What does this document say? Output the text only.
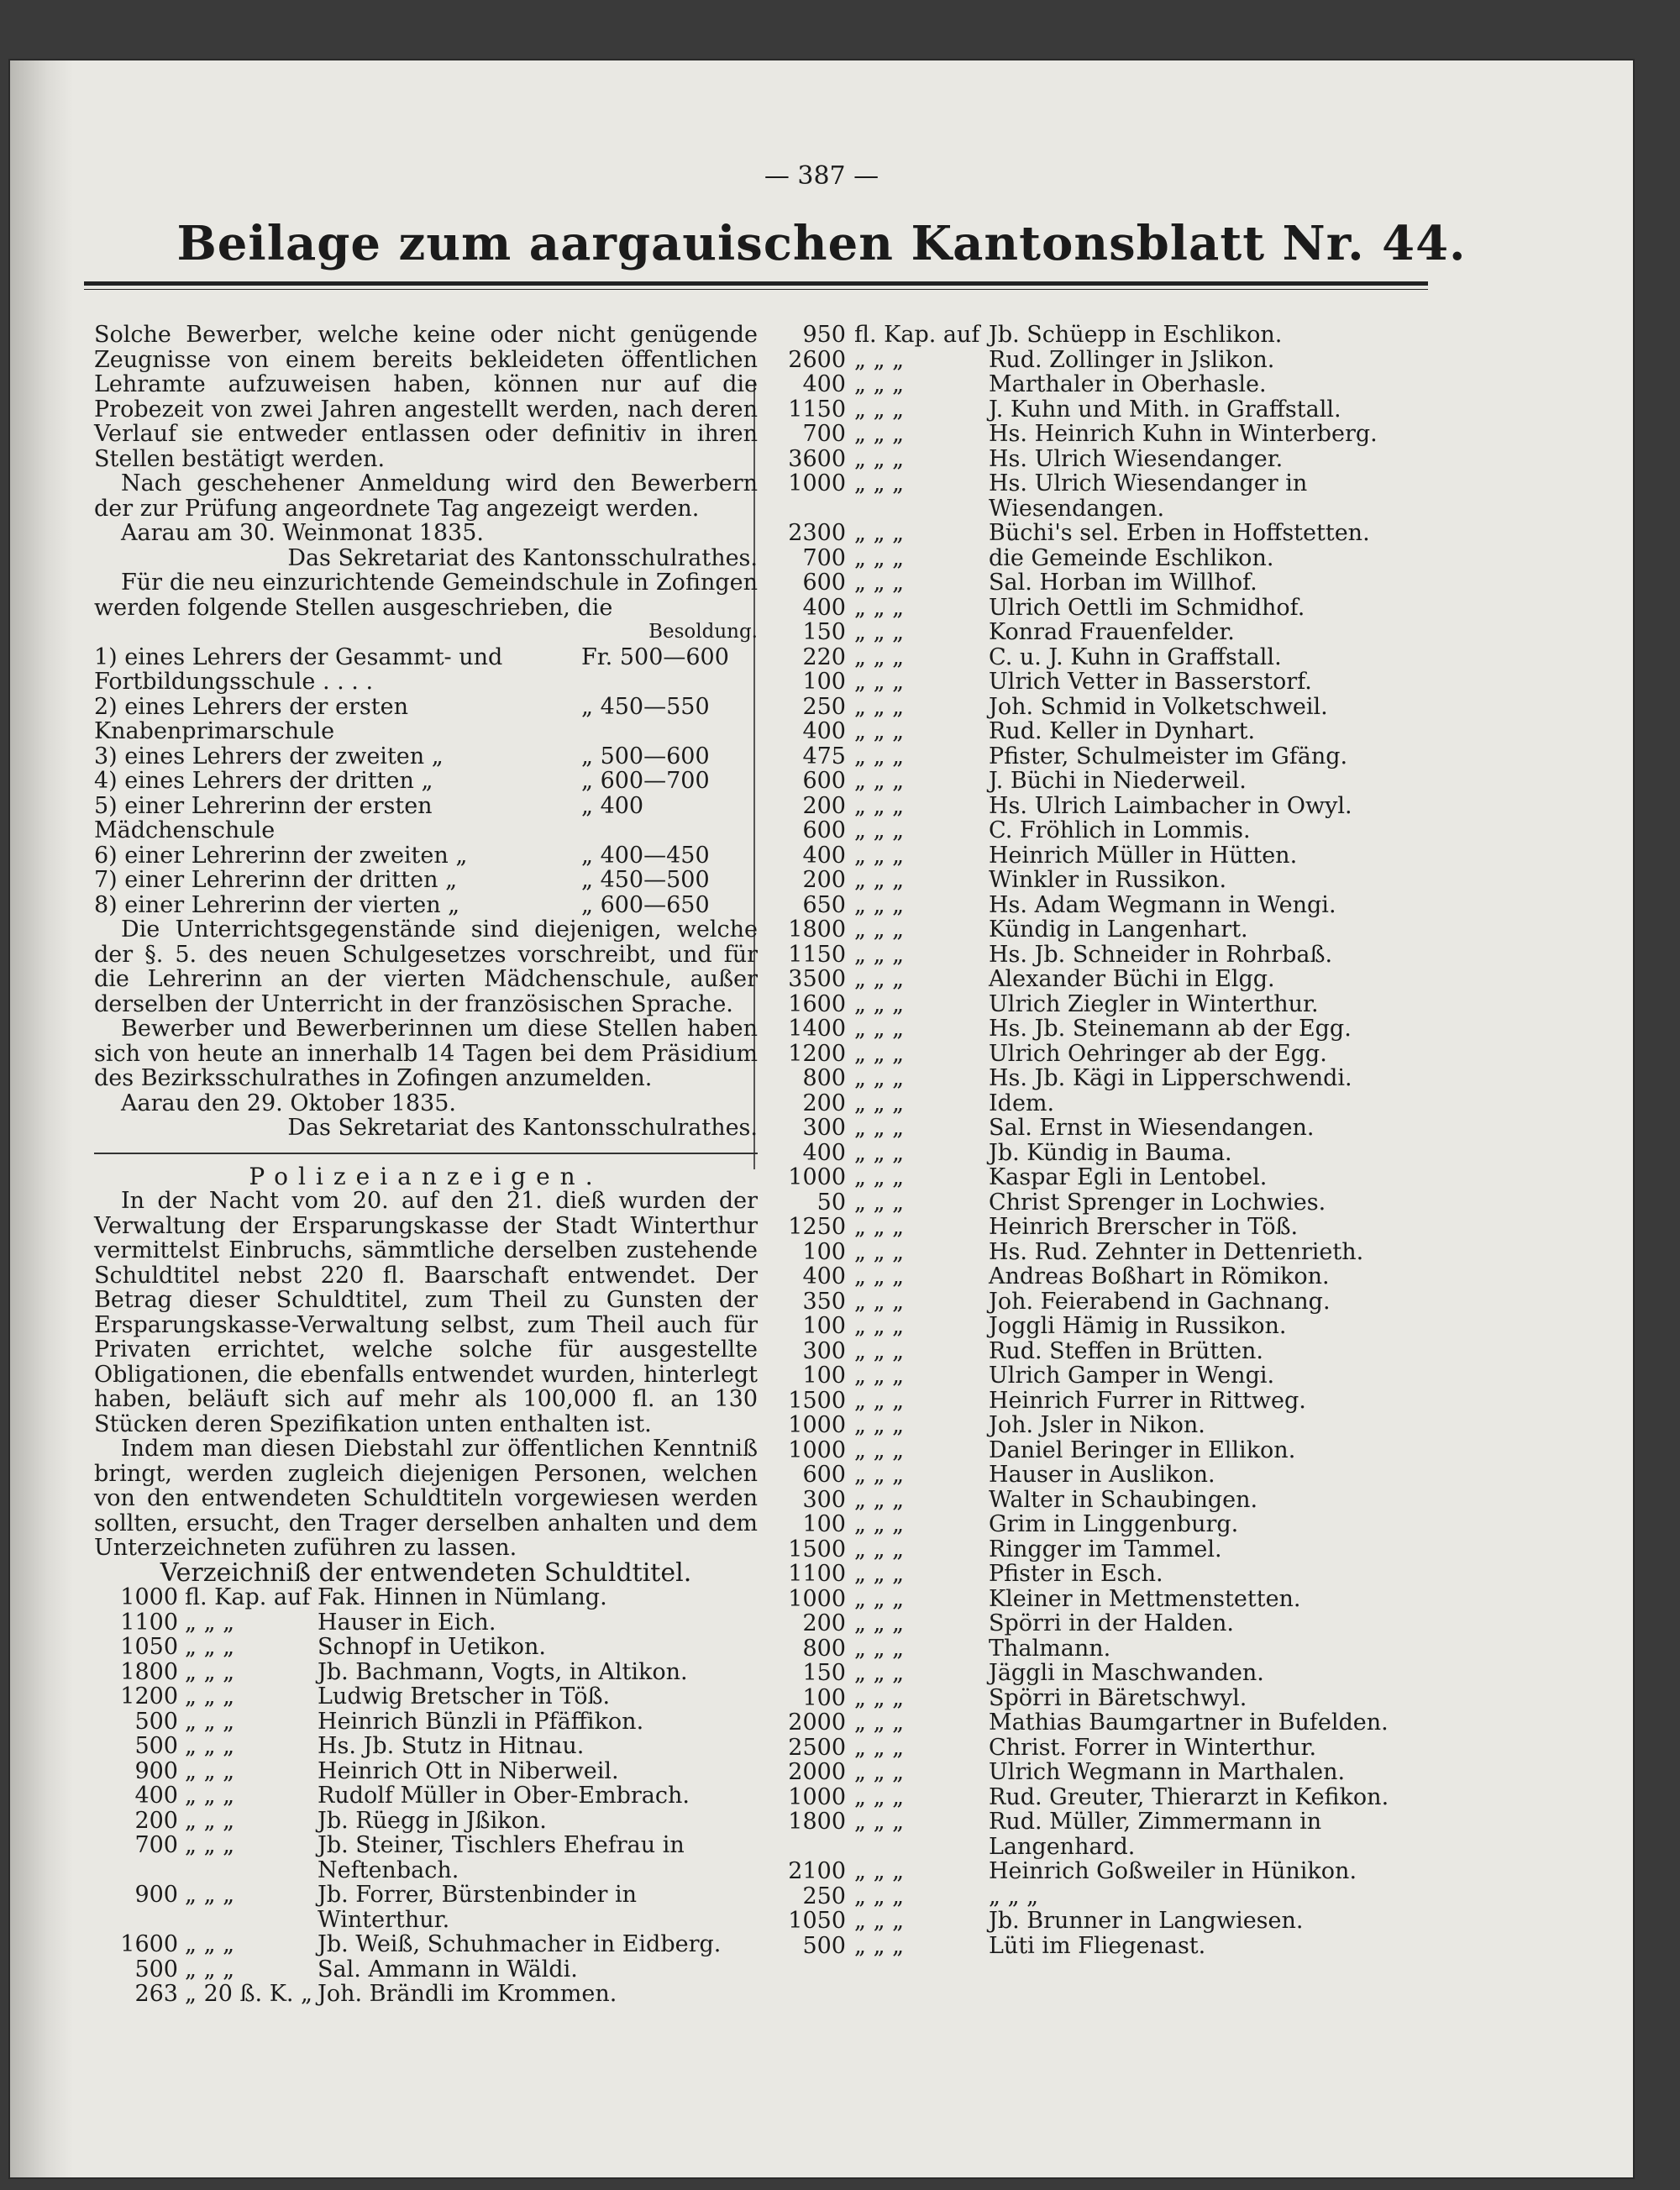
— 387 —
Beilage zum aargauischen Kantonsblatt Nr. 44.

Solche Bewerber, welche keine oder nicht genügende Zeugnisse von einem bereits bekleideten öffentlichen Lehramte aufzuweisen haben, können nur auf die Probezeit von zwei Jahren angestellt werden, nach deren Verlauf sie entweder entlassen oder definitiv in ihren Stellen bestätigt werden.

Nach geschehener Anmeldung wird den Bewerbern der zur Prüfung angeordnete Tag angezeigt werden.

Aarau am 30. Weinmonat 1835.

Das Sekretariat des Kantonsschulrathes.

Für die neu einzurichtende Gemeindschule in Zofingen werden folgende Stellen ausgeschrieben, die

Besoldung.

1) eines Lehrers der Gesammt- und Fortbildungsschule . . . .
Fr. 500—600
2) eines Lehrers der ersten Knabenprimarschule
„ 450—550
3) eines Lehrers der zweiten „	„ 500—600
4) eines Lehrers der dritten „	„ 600—700
5) einer Lehrerinn der ersten Mädchenschule
„ 400
6) einer Lehrerinn der zweiten „	„ 400—450
7) einer Lehrerinn der dritten „	„ 450—500
8) einer Lehrerinn der vierten „	„ 600—650

Die Unterrichtsgegenstände sind diejenigen, welche der §. 5. des neuen Schulgesetzes vorschreibt, und für die Lehrerinn an der vierten Mädchenschule, außer derselben der Unterricht in der französischen Sprache.

Bewerber und Bewerberinnen um diese Stellen haben sich von heute an innerhalb 14 Tagen bei dem Präsidium des Bezirksschulrathes in Zofingen anzumelden.

Aarau den 29. Oktober 1835.

Das Sekretariat des Kantonsschulrathes.

Polizeianzeigen.

In der Nacht vom 20. auf den 21. dieß wurden der Verwaltung der Ersparungskasse der Stadt Winterthur vermittelst Einbruchs, sämmtliche derselben zustehende Schuldtitel nebst 220 fl. Baarschaft entwendet. Der Betrag dieser Schuldtitel, zum Theil zu Gunsten der Ersparungskasse-Verwaltung selbst, zum Theil auch für Privaten errichtet, welche solche für ausgestellte Obligationen, die ebenfalls entwendet wurden, hinterlegt haben, beläuft sich auf mehr als 100,000 fl. an 130 Stücken deren Spezifikation unten enthalten ist.

Indem man diesen Diebstahl zur öffentlichen Kenntniß bringt, werden zugleich diejenigen Personen, welchen von den entwendeten Schuldtiteln vorgewiesen werden sollten, ersucht, den Trager derselben anhalten und dem Unterzeichneten zuführen zu lassen.

Verzeichniß der entwendeten Schuldtitel.

1000 fl. Kap. auf Fak. Hinnen in Nümlang.
1100 „ „ „	Hauser in Eich.
1050 „ „ „	Schnopf in Uetikon.
1800 „ „ „	Jb. Bachmann, Vogts, in Altikon.
1200 „ „ „	Ludwig Bretscher in Töß.
500 „ „ „	Heinrich Bünzli in Pfäffikon.
500 „ „ „	Hs. Jb. Stutz in Hitnau.
900 „ „ „	Heinrich Ott in Niberweil.
400 „ „ „	Rudolf Müller in Ober-Embrach.
200 „ „ „	Jb. Rüegg in Jßikon.
700 „ „ „	Jb. Steiner, Tischlers Ehefrau in Neftenbach.
900 „ „ „	Jb. Forrer, Bürstenbinder in Winterthur.
1600 „ „ „	Jb. Weiß, Schuhmacher in Eidberg.
500 „ „ „	Sal. Ammann in Wäldi.
263 „ 20 ß. K. „ Joh. Brändli im Krommen.
950 fl. Kap. auf Jb. Schüepp in Eschlikon.
2600 „ „ „	Rud. Zollinger in Jslikon.
400 „ „ „	Marthaler in Oberhasle.
1150 „ „ „	J. Kuhn und Mith. in Graffstall.
700 „ „ „	Hs. Heinrich Kuhn in Winterberg.
3600 „ „ „	Hs. Ulrich Wiesendanger.
1000 „ „ „	Hs. Ulrich Wiesendanger in Wiesendangen.
2300 „ „ „	Büchi's sel. Erben in Hoffstetten.
700 „ „ „	die Gemeinde Eschlikon.
600 „ „ „	Sal. Horban im Willhof.
400 „ „ „	Ulrich Oettli im Schmidhof.
150 „ „ „	Konrad Frauenfelder.
220 „ „ „	C. u. J. Kuhn in Graffstall.
100 „ „ „	Ulrich Vetter in Basserstorf.
250 „ „ „	Joh. Schmid in Volketschweil.
400 „ „ „	Rud. Keller in Dynhart.
475 „ „ „	Pfister, Schulmeister im Gfäng.
600 „ „ „	J. Büchi in Niederweil.
200 „ „ „	Hs. Ulrich Laimbacher in Owyl.
600 „ „ „	C. Fröhlich in Lommis.
400 „ „ „	Heinrich Müller in Hütten.
200 „ „ „	Winkler in Russikon.
650 „ „ „	Hs. Adam Wegmann in Wengi.
1800 „ „ „	Kündig in Langenhart.
1150 „ „ „	Hs. Jb. Schneider in Rohrbaß.
3500 „ „ „	Alexander Büchi in Elgg.
1600 „ „ „	Ulrich Ziegler in Winterthur.
1400 „ „ „	Hs. Jb. Steinemann ab der Egg.
1200 „ „ „	Ulrich Oehringer ab der Egg.
800 „ „ „	Hs. Jb. Kägi in Lipperschwendi.
200 „ „ „	Idem.
300 „ „ „	Sal. Ernst in Wiesendangen.
400 „ „ „	Jb. Kündig in Bauma.
1000 „ „ „	Kaspar Egli in Lentobel.
50 „ „ „	Christ Sprenger in Lochwies.
1250 „ „ „	Heinrich Brerscher in Töß.
100 „ „ „	Hs. Rud. Zehnter in Dettenrieth.
400 „ „ „	Andreas Boßhart in Römikon.
350 „ „ „	Joh. Feierabend in Gachnang.
100 „ „ „	Joggli Hämig in Russikon.
300 „ „ „	Rud. Steffen in Brütten.
100 „ „ „	Ulrich Gamper in Wengi.
1500 „ „ „	Heinrich Furrer in Rittweg.
1000 „ „ „	Joh. Jsler in Nikon.
1000 „ „ „	Daniel Beringer in Ellikon.
600 „ „ „	Hauser in Auslikon.
300 „ „ „	Walter in Schaubingen.
100 „ „ „	Grim in Linggenburg.
1500 „ „ „	Ringger im Tammel.
1100 „ „ „	Pfister in Esch.
1000 „ „ „	Kleiner in Mettmenstetten.
200 „ „ „	Spörri in der Halden.
800 „ „ „	Thalmann.
150 „ „ „	Jäggli in Maschwanden.
100 „ „ „	Spörri in Bäretschwyl.
2000 „ „ „	Mathias Baumgartner in Bufelden.
2500 „ „ „	Christ. Forrer in Winterthur.
2000 „ „ „	Ulrich Wegmann in Marthalen.
1000 „ „ „	Rud. Greuter, Thierarzt in Kefikon.
1800 „ „ „	Rud. Müller, Zimmermann in Langenhard.
2100 „ „ „	Heinrich Goßweiler in Hünikon.
250 „ „ „	„ „ „
1050 „ „ „	Jb. Brunner in Langwiesen.
500 „ „ „	Lüti im Fliegenast.
